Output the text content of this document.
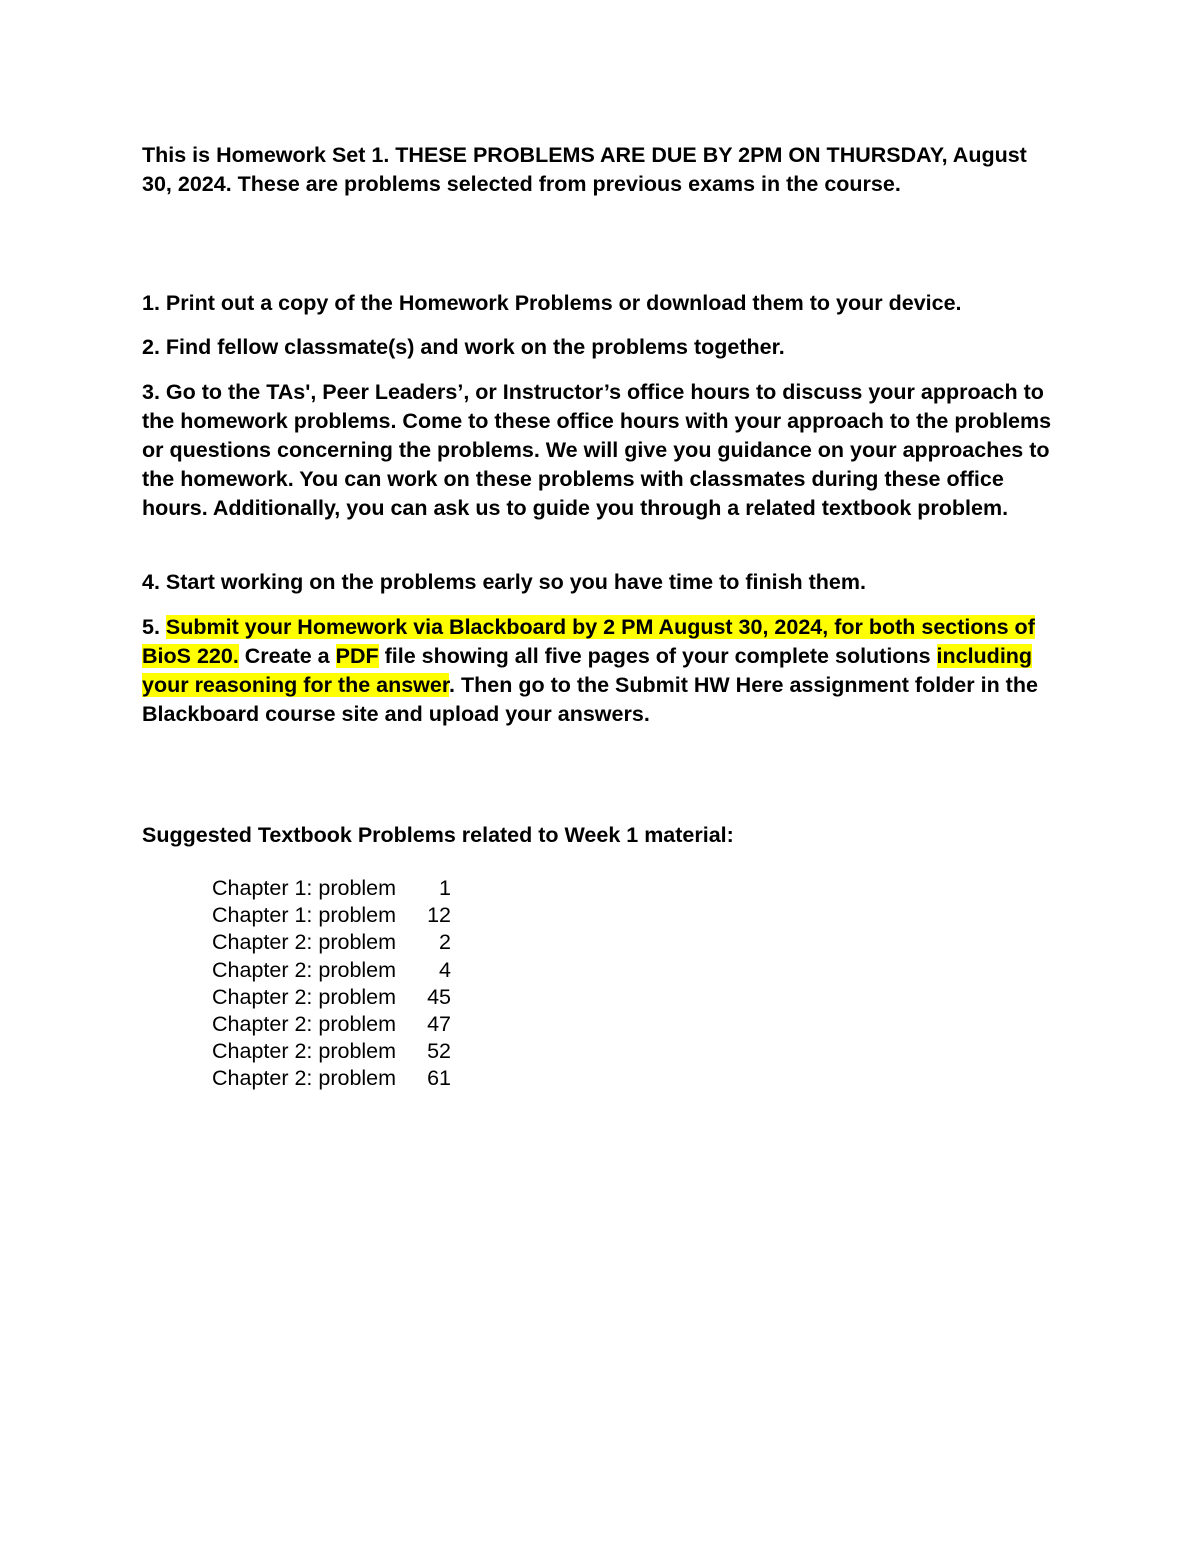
This is Homework Set 1. THESE PROBLEMS ARE DUE BY 2PM ON THURSDAY, August 30, 2024. These are problems selected from previous exams in the course.

1. Print out a copy of the Homework Problems or download them to your device.

2. Find fellow classmate(s) and work on the problems together.

3. Go to the TAs', Peer Leaders’, or Instructor’s office hours to discuss your approach to the homework problems. Come to these office hours with your approach to the problems or questions concerning the problems. We will give you guidance on your approaches to the homework. You can work on these problems with classmates during these office hours. Additionally, you can ask us to guide you through a related textbook problem.

4. Start working on the problems early so you have time to finish them.

5. Submit your Homework via Blackboard by 2 PM August 30, 2024, for both sections of BioS 220. Create a PDF file showing all five pages of your complete solutions including your reasoning for the answer. Then go to the Submit HW Here assignment folder in the Blackboard course site and upload your answers.

Suggested Textbook Problems related to Week 1 material:

Chapter 1: problem	1
Chapter 1: problem	12
Chapter 2: problem	2
Chapter 2: problem	4
Chapter 2: problem	45
Chapter 2: problem	47
Chapter 2: problem	52
Chapter 2: problem	61
